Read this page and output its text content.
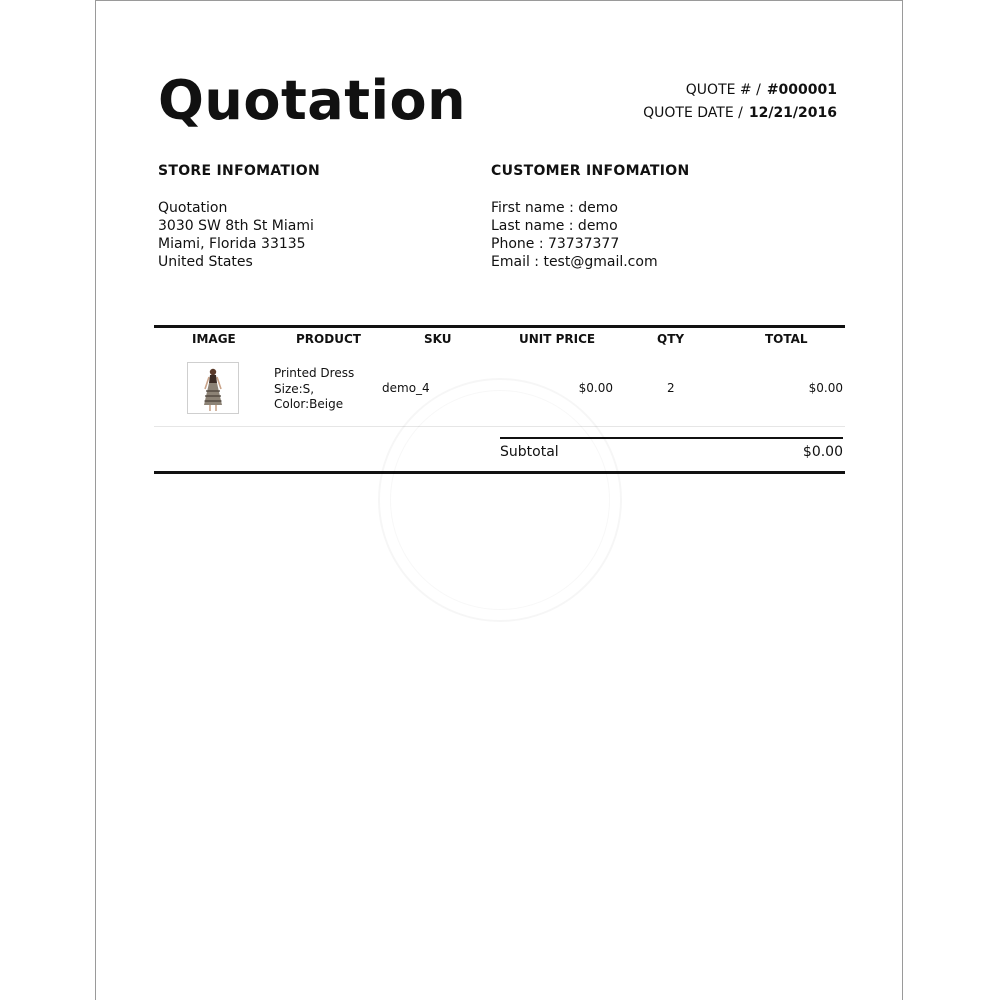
Quotation	QUOTE # / #000001
QUOTE DATE / 12/21/2016
STORE INFOMATION	CUSTOMER INFOMATION
Quotation
3030 SW 8th St Miami
Miami, Florida 33135
United States
First name : demo
Last name : demo
Phone : 73737377
Email : test@gmail.com
IMAGE	PRODUCT	SKU	UNIT PRICE	QTY	TOTAL
Printed Dress
Size:S,
Color:Beige
demo_4	$0.00	2	$0.00
Subtotal	$0.00
